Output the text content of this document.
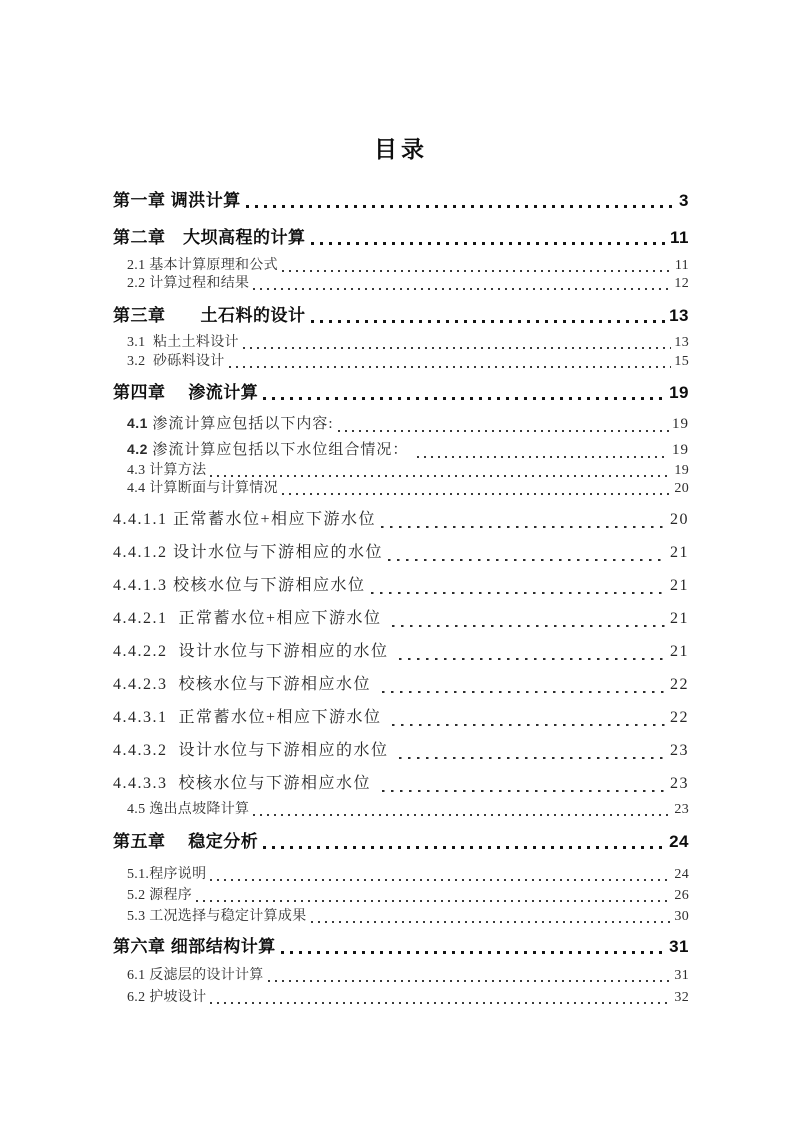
目录
第一章 调洪计算	3
第二章　大坝高程的计算	11
2.1 基本计算原理和公式	11
2.2 计算过程和结果	12
第三章　　土石料的设计	13
3.1  粘土土料设计	13
3.2  砂砾料设计	15
第四章　 渗流计算	19
4.1 渗流计算应包括以下内容:	19
4.2 渗流计算应包括以下水位组合情况：	19
4.3 计算方法	19
4.4 计算断面与计算情况	20
4.4.1.1 正常蓄水位+相应下游水位	20
4.4.1.2 设计水位与下游相应的水位	21
4.4.1.3 校核水位与下游相应水位	21
4.4.2.1  正常蓄水位+相应下游水位	21
4.4.2.2  设计水位与下游相应的水位	21
4.4.2.3  校核水位与下游相应水位	22
4.4.3.1  正常蓄水位+相应下游水位	22
4.4.3.2  设计水位与下游相应的水位	23
4.4.3.3  校核水位与下游相应水位	23
4.5 逸出点坡降计算	23
第五章　 稳定分析	24
5.1.程序说明	24
5.2 源程序	26
5.3 工况选择与稳定计算成果	30
第六章 细部结构计算	31
6.1 反滤层的设计计算	31
6.2 护坡设计	32
